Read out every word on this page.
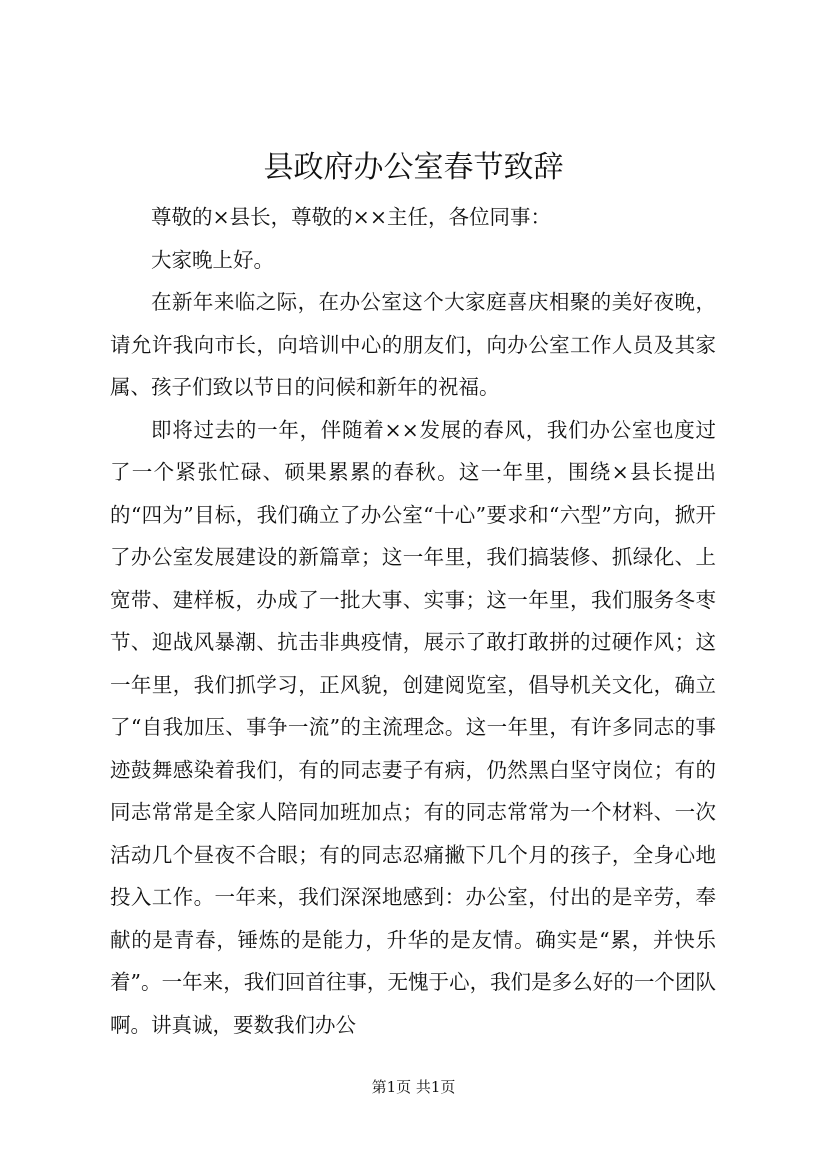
县政府办公室春节致辞

尊敬的×县长，尊敬的××主任，各位同事：

大家晚上好。

在新年来临之际，在办公室这个大家庭喜庆相聚的美好夜晚，请允许我向市长，向培训中心的朋友们，向办公室工作人员及其家属、孩子们致以节日的问候和新年的祝福。

即将过去的一年，伴随着××发展的春风，我们办公室也度过了一个紧张忙碌、硕果累累的春秋。这一年里，围绕×县长提出的“四为”目标，我们确立了办公室“十心”要求和“六型”方向，掀开了办公室发展建设的新篇章；这一年里，我们搞装修、抓绿化、上宽带、建样板，办成了一批大事、实事；这一年里，我们服务冬枣节、迎战风暴潮、抗击非典疫情，展示了敢打敢拼的过硬作风；这一年里，我们抓学习，正风貌，创建阅览室，倡导机关文化，确立了“自我加压、事争一流”的主流理念。这一年里，有许多同志的事迹鼓舞感染着我们，有的同志妻子有病，仍然黑白坚守岗位；有的同志常常是全家人陪同加班加点；有的同志常常为一个材料、一次活动几个昼夜不合眼；有的同志忍痛撇下几个月的孩子，全身心地投入工作。一年来，我们深深地感到：办公室，付出的是辛劳，奉献的是青春，锤炼的是能力，升华的是友情。确实是“累，并快乐着”。一年来，我们回首往事，无愧于心，我们是多么好的一个团队啊。讲真诚，要数我们办公

第1页 共1页
